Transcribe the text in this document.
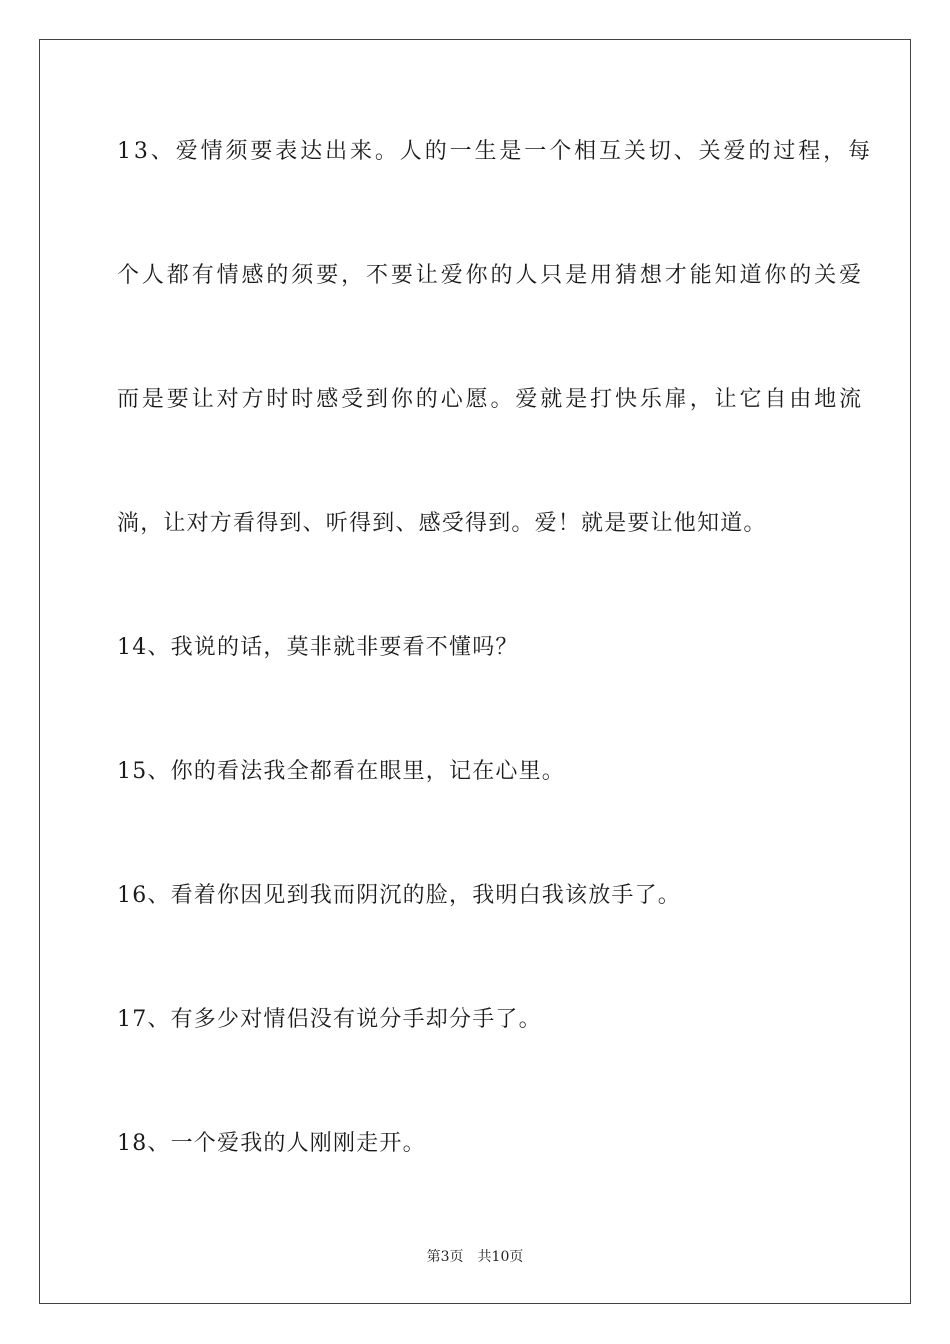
13、爱情须要表达出来。人的一生是一个相互关切、关爱的过程，每
个人都有情感的须要，不要让爱你的人只是用猜想才能知道你的关爱
而是要让对方时时感受到你的心愿。爱就是打快乐扉，让它自由地流
淌，让对方看得到、听得到、感受得到。爱！就是要让他知道。
14、我说的话，莫非就非要看不懂吗？
15、你的看法我全都看在眼里，记在心里。
16、看着你因见到我而阴沉的脸，我明白我该放手了。
17、有多少对情侣没有说分手却分手了。
18、一个爱我的人刚刚走开。
第3页　共10页
